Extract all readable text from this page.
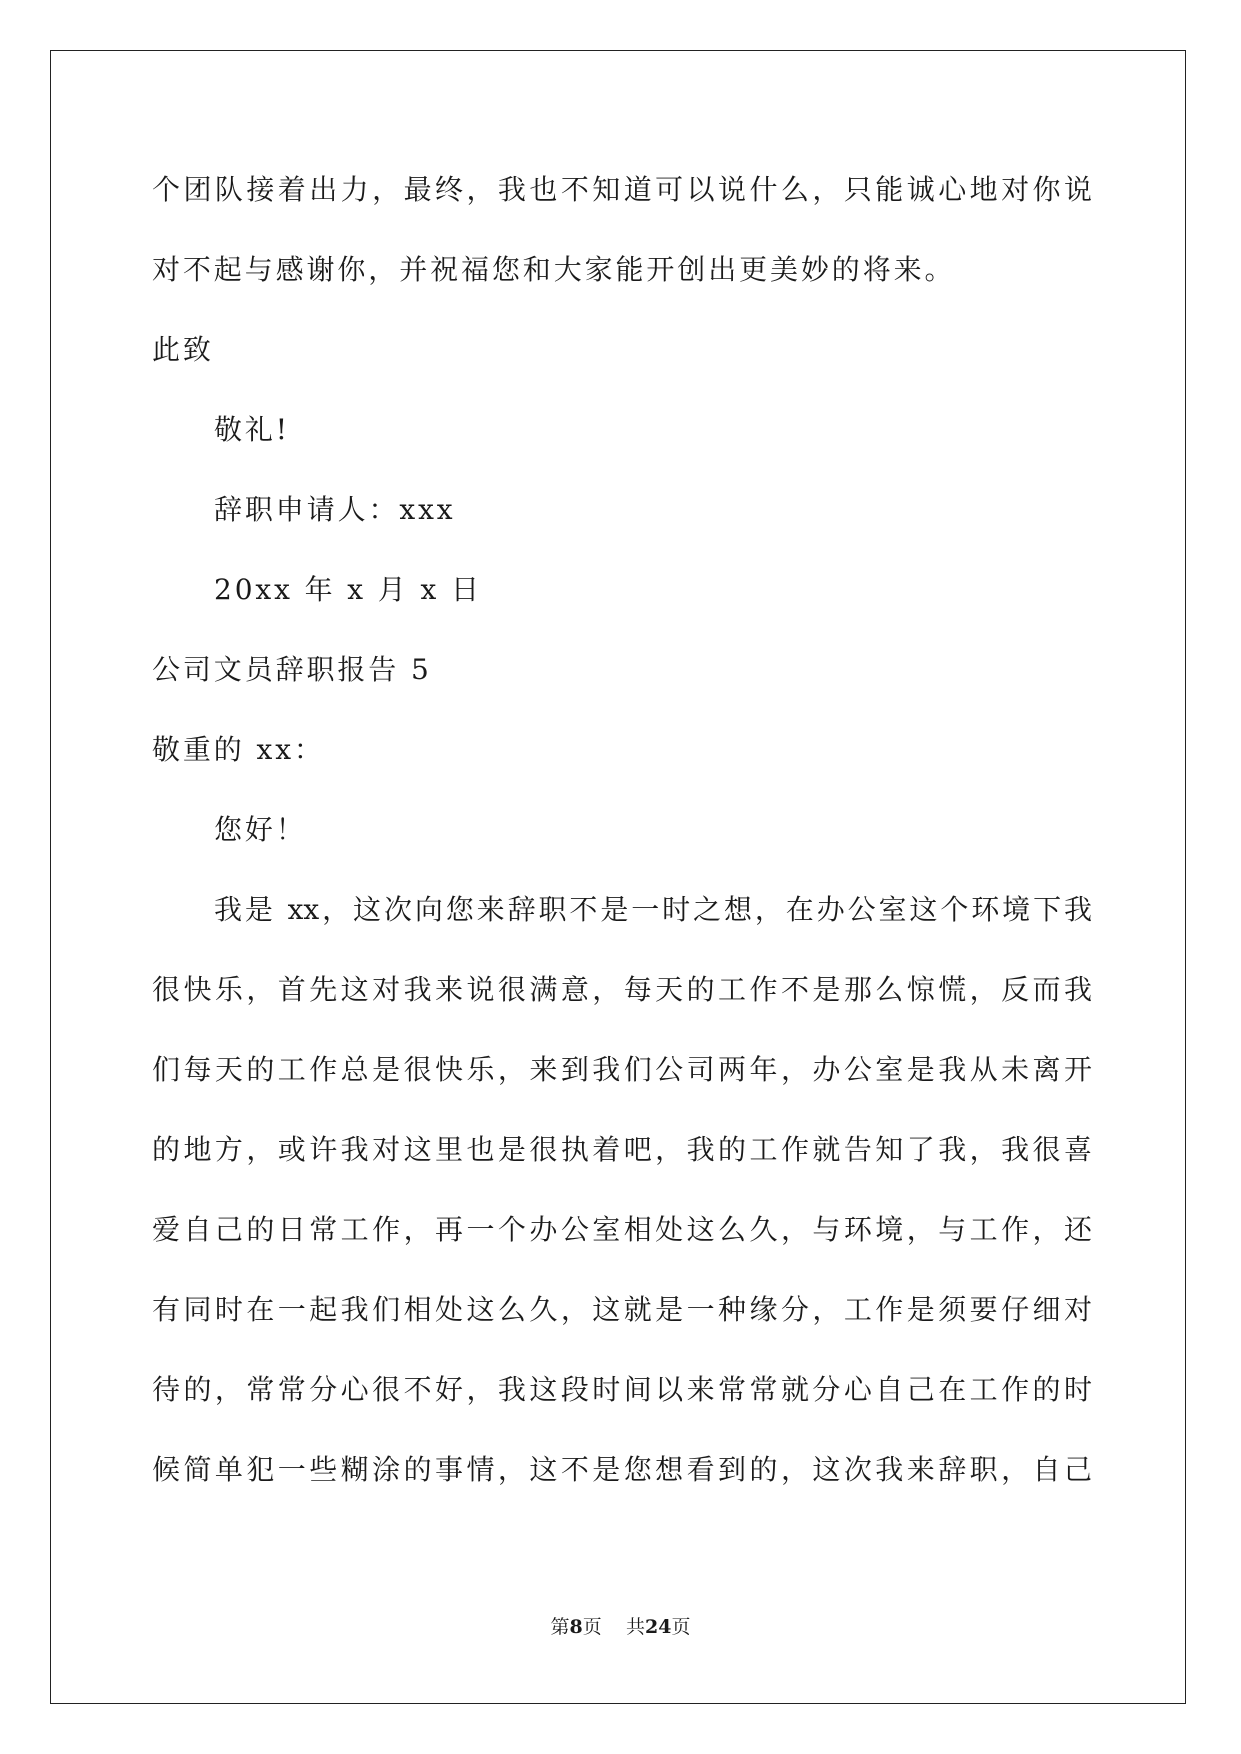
个团队接着出力，最终，我也不知道可以说什么，只能诚心地对你说
对不起与感谢你，并祝福您和大家能开创出更美妙的将来。
此致
敬礼!
辞职申请人：xxx
20xx 年 x 月 x 日
公司文员辞职报告 5
敬重的 xx：
您好！
我是 xx，这次向您来辞职不是一时之想，在办公室这个环境下我
很快乐，首先这对我来说很满意，每天的工作不是那么惊慌，反而我
们每天的工作总是很快乐，来到我们公司两年，办公室是我从未离开
的地方，或许我对这里也是很执着吧，我的工作就告知了我，我很喜
爱自己的日常工作，再一个办公室相处这么久，与环境，与工作，还
有同时在一起我们相处这么久，这就是一种缘分，工作是须要仔细对
待的，常常分心很不好，我这段时间以来常常就分心自己在工作的时
候简单犯一些糊涂的事情，这不是您想看到的，这次我来辞职，自己
第8页 共24页
